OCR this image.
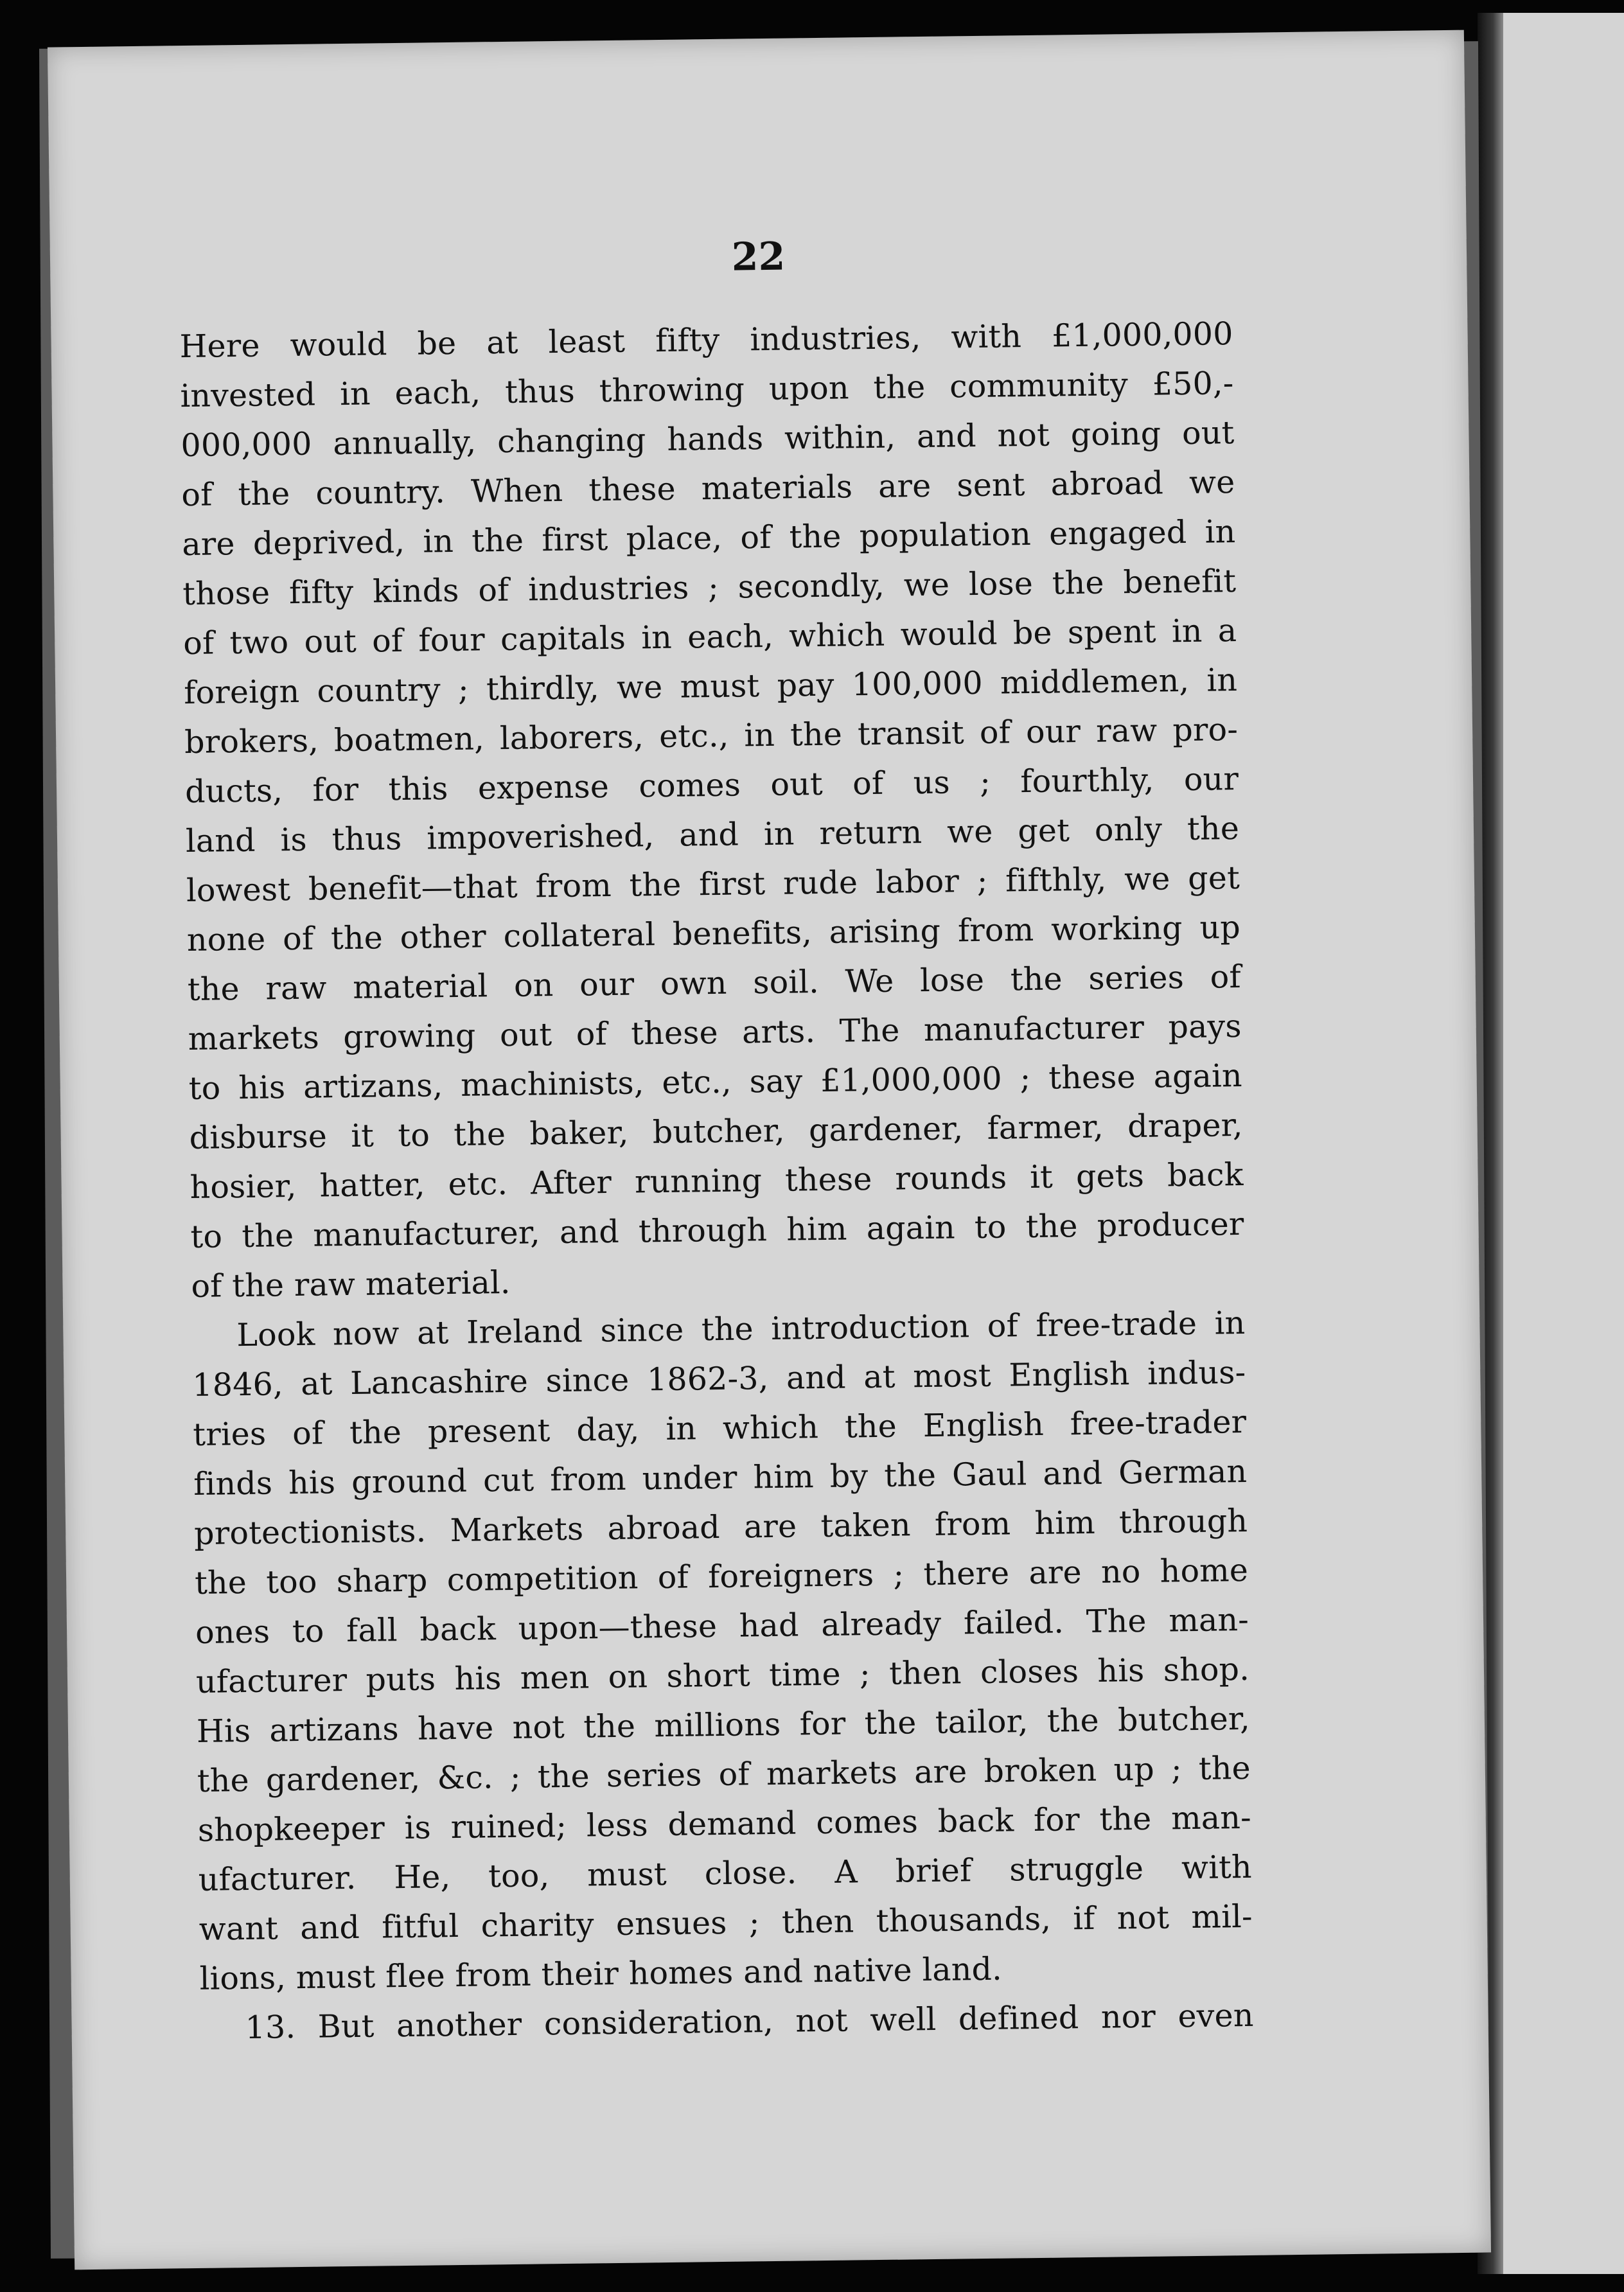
22
Here would be at least fifty industries, with £1,000,000
invested in each, thus throwing upon the community £50,-
000,000 annually, changing hands within, and not going out
of the country. When these materials are sent abroad we
are deprived, in the first place, of the population engaged in
those fifty kinds of industries ; secondly, we lose the benefit
of two out of four capitals in each, which would be spent in a
foreign country ; thirdly, we must pay 100,000 middlemen, in
brokers, boatmen, laborers, etc., in the transit of our raw pro-
ducts, for this expense comes out of us ; fourthly, our
land is thus impoverished, and in return we get only the
lowest benefit—that from the first rude labor ; fifthly, we get
none of the other collateral benefits, arising from working up
the raw material on our own soil. We lose the series of
markets growing out of these arts. The manufacturer pays
to his artizans, machinists, etc., say £1,000,000 ; these again
disburse it to the baker, butcher, gardener, farmer, draper,
hosier, hatter, etc. After running these rounds it gets back
to the manufacturer, and through him again to the producer
of the raw material.
Look now at Ireland since the introduction of free-trade in
1846, at Lancashire since 1862-3, and at most English indus-
tries of the present day, in which the English free-trader
finds his ground cut from under him by the Gaul and German
protectionists. Markets abroad are taken from him through
the too sharp competition of foreigners ; there are no home
ones to fall back upon—these had already failed. The man-
ufacturer puts his men on short time ; then closes his shop.
His artizans have not the millions for the tailor, the butcher,
the gardener, &c. ; the series of markets are broken up ; the
shopkeeper is ruined; less demand comes back for the man-
ufacturer. He, too, must close. A brief struggle with
want and fitful charity ensues ; then thousands, if not mil-
lions, must flee from their homes and native land.
13. But another consideration, not well defined nor even
